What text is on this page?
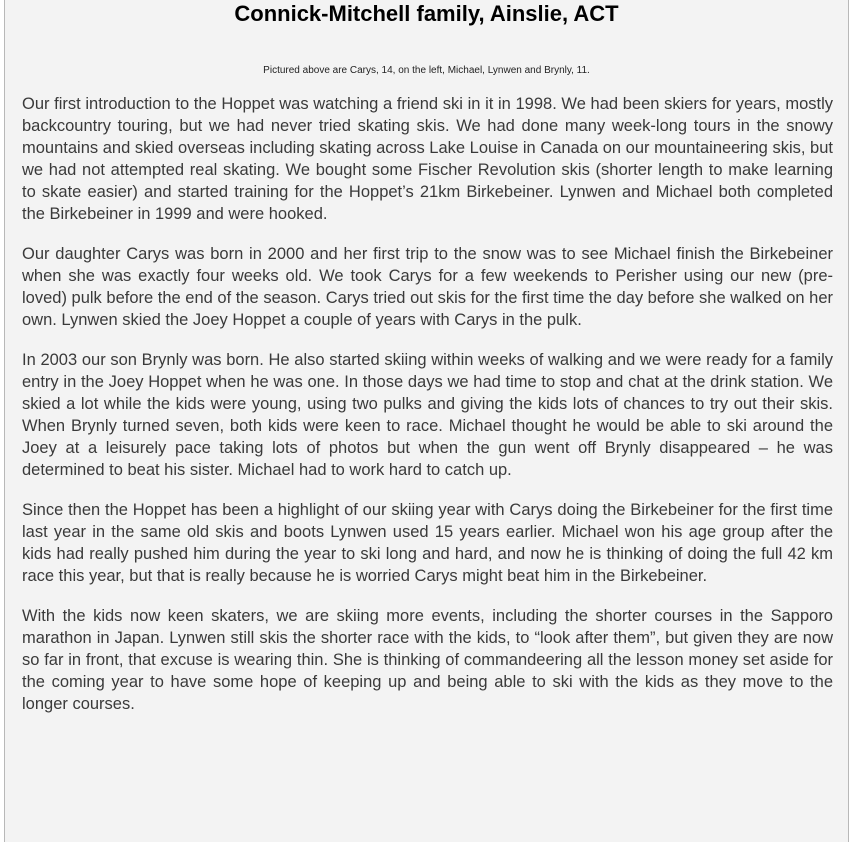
Connick-Mitchell family, Ainslie, ACT

Pictured above are Carys, 14, on the left, Michael, Lynwen and Brynly, 11.

Our first introduction to the Hoppet was watching a friend ski in it in 1998. We had been skiers for years, mostly backcountry touring, but we had never tried skating skis. We had done many week-long tours in the snowy mountains and skied overseas including skating across Lake Louise in Canada on our mountaineering skis, but we had not attempted real skating. We bought some Fischer Revolution skis (shorter length to make learning to skate easier) and started training for the Hoppet’s 21km Birkebeiner. Lynwen and Michael both completed the Birkebeiner in 1999 and were hooked.

Our daughter Carys was born in 2000 and her first trip to the snow was to see Michael finish the Birkebeiner when she was exactly four weeks old. We took Carys for a few weekends to Perisher using our new (pre-loved) pulk before the end of the season. Carys tried out skis for the first time the day before she walked on her own. Lynwen skied the Joey Hoppet a couple of years with Carys in the pulk.

In 2003 our son Brynly was born. He also started skiing within weeks of walking and we were ready for a family entry in the Joey Hoppet when he was one. In those days we had time to stop and chat at the drink station. We skied a lot while the kids were young, using two pulks and giving the kids lots of chances to try out their skis. When Brynly turned seven, both kids were keen to race. Michael thought he would be able to ski around the Joey at a leisurely pace taking lots of photos but when the gun went off Brynly disappeared – he was determined to beat his sister. Michael had to work hard to catch up.

Since then the Hoppet has been a highlight of our skiing year with Carys doing the Birkebeiner for the first time last year in the same old skis and boots Lynwen used 15 years earlier. Michael won his age group after the kids had really pushed him during the year to ski long and hard, and now he is thinking of doing the full 42 km race this year, but that is really because he is worried Carys might beat him in the Birkebeiner.

With the kids now keen skaters, we are skiing more events, including the shorter courses in the Sapporo marathon in Japan. Lynwen still skis the shorter race with the kids, to “look after them”, but given they are now so far in front, that excuse is wearing thin. She is thinking of commandeering all the lesson money set aside for the coming year to have some hope of keeping up and being able to ski with the kids as they move to the longer courses.
